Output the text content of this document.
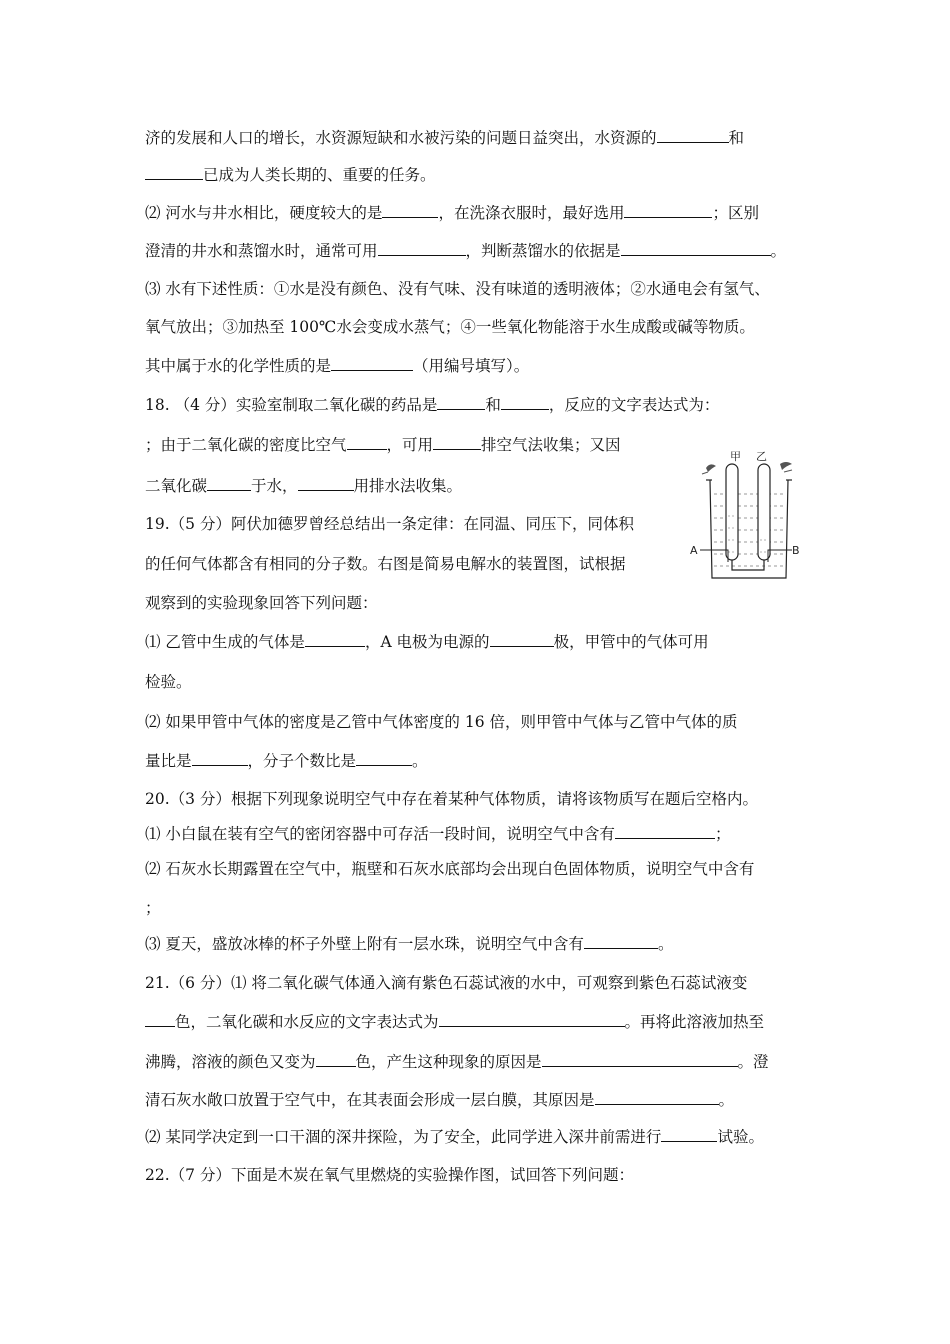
济的发展和人口的增长，水资源短缺和水被污染的问题日益突出，水资源的	和
已成为人类长期的、重要的任务。
⑵ 河水与井水相比，硬度较大的是	，在洗涤衣服时，最好选用	；区别
澄清的井水和蒸馏水时，通常可用	，判断蒸馏水的依据是	。
⑶ 水有下述性质：①水是没有颜色、没有气味、没有味道的透明液体；②水通电会有氢气、
氧气放出；③加热至 100℃水会变成水蒸气；④一些氧化物能溶于水生成酸或碱等物质。
其中属于水的化学性质的是	（用编号填写）。
18. （4 分）实验室制取二氧化碳的药品是	和	，反应的文字表达式为：
；由于二氧化碳的密度比空气	，可用	排空气法收集；又因
二氧化碳	于水，	用排水法收集。
19.（5 分）阿伏加德罗曾经总结出一条定律：在同温、同压下，同体积
的任何气体都含有相同的分子数。右图是简易电解水的装置图，试根据
观察到的实验现象回答下列问题：
⑴ 乙管中生成的气体是	，A 电极为电源的	极，甲管中的气体可用
检验。
⑵ 如果甲管中气体的密度是乙管中气体密度的 16 倍，则甲管中气体与乙管中气体的质
量比是	，分子个数比是	。
20.（3 分）根据下列现象说明空气中存在着某种气体物质，请将该物质写在题后空格内。
⑴ 小白鼠在装有空气的密闭容器中可存活一段时间，说明空气中含有	；
⑵ 石灰水长期露置在空气中，瓶壁和石灰水底部均会出现白色固体物质，说明空气中含有
；
⑶ 夏天，盛放冰棒的杯子外壁上附有一层水珠，说明空气中含有	。
21.（6 分）⑴ 将二氧化碳气体通入滴有紫色石蕊试液的水中，可观察到紫色石蕊试液变
色，二氧化碳和水反应的文字表达式为	。再将此溶液加热至
沸腾，溶液的颜色又变为	色，产生这种现象的原因是	。澄
清石灰水敞口放置于空气中，在其表面会形成一层白膜，其原因是	。
⑵ 某同学决定到一口干涸的深井探险，为了安全，此同学进入深井前需进行	试验。
22.（7 分）下面是木炭在氧气里燃烧的实验操作图，试回答下列问题：
甲 乙
A	B
